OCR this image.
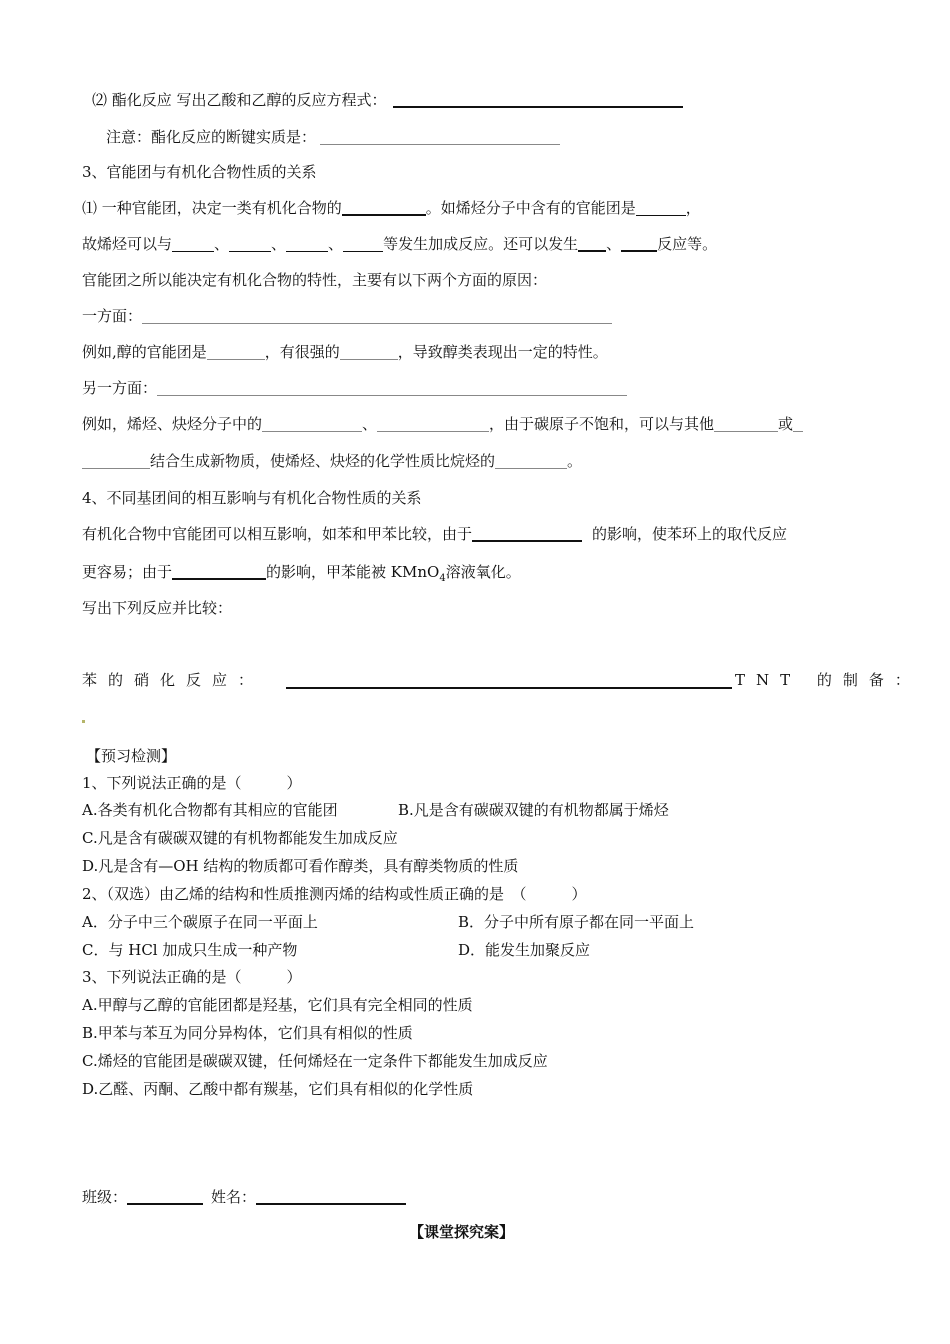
⑵ 酯化反应 写出乙酸和乙醇的反应方程式：
注意：酯化反应的断键实质是：
3、官能团与有机化合物性质的关系
⑴ 一种官能团，决定一类有机化合物的	。如烯烃分子中含有的官能团是	，
故烯烃可以与	、	、	、	等发生加成反应。还可以发生 、 反应等。
官能团之所以能决定有机化合物的特性，主要有以下两个方面的原因：
一方面：
例如,醇的官能团是	，有很强的	，导致醇类表现出一定的特性。
另一方面：
例如，烯烃、炔烃分子中的	、	，由于碳原子不饱和，可以与其他	或
结合生成新物质，使烯烃、炔烃的化学性质比烷烃的	。
4、不同基团间的相互影响与有机化合物性质的关系
有机化合物中官能团可以相互影响，如苯和甲苯比较，由于	的影响，使苯环上的取代反应
更容易；由于	的影响，甲苯能被 KMnO$_4$溶液氧化。
写出下列反应并比较：
苯的硝化反应：	TNT 的制备：
【预习检测】
1、下列说法正确的是（　　　）
A.各类有机化合物都有其相应的官能团	B.凡是含有碳碳双键的有机物都属于烯烃
C.凡是含有碳碳双键的有机物都能发生加成反应
D.凡是含有—OH 结构的物质都可看作醇类，具有醇类物质的性质
2、（双选）由乙烯的结构和性质推测丙烯的结构或性质正确的是　（　　　）
A．分子中三个碳原子在同一平面上	B．分子中所有原子都在同一平面上
C．与 HCl 加成只生成一种产物	D．能发生加聚反应
3、下列说法正确的是（　　　）
A.甲醇与乙醇的官能团都是羟基，它们具有完全相同的性质
B.甲苯与苯互为同分异构体，它们具有相似的性质
C.烯烃的官能团是碳碳双键，任何烯烃在一定条件下都能发生加成反应
D.乙醛、丙酮、乙酸中都有羰基，它们具有相似的化学性质
班级：	姓名：
【课堂探究案】
